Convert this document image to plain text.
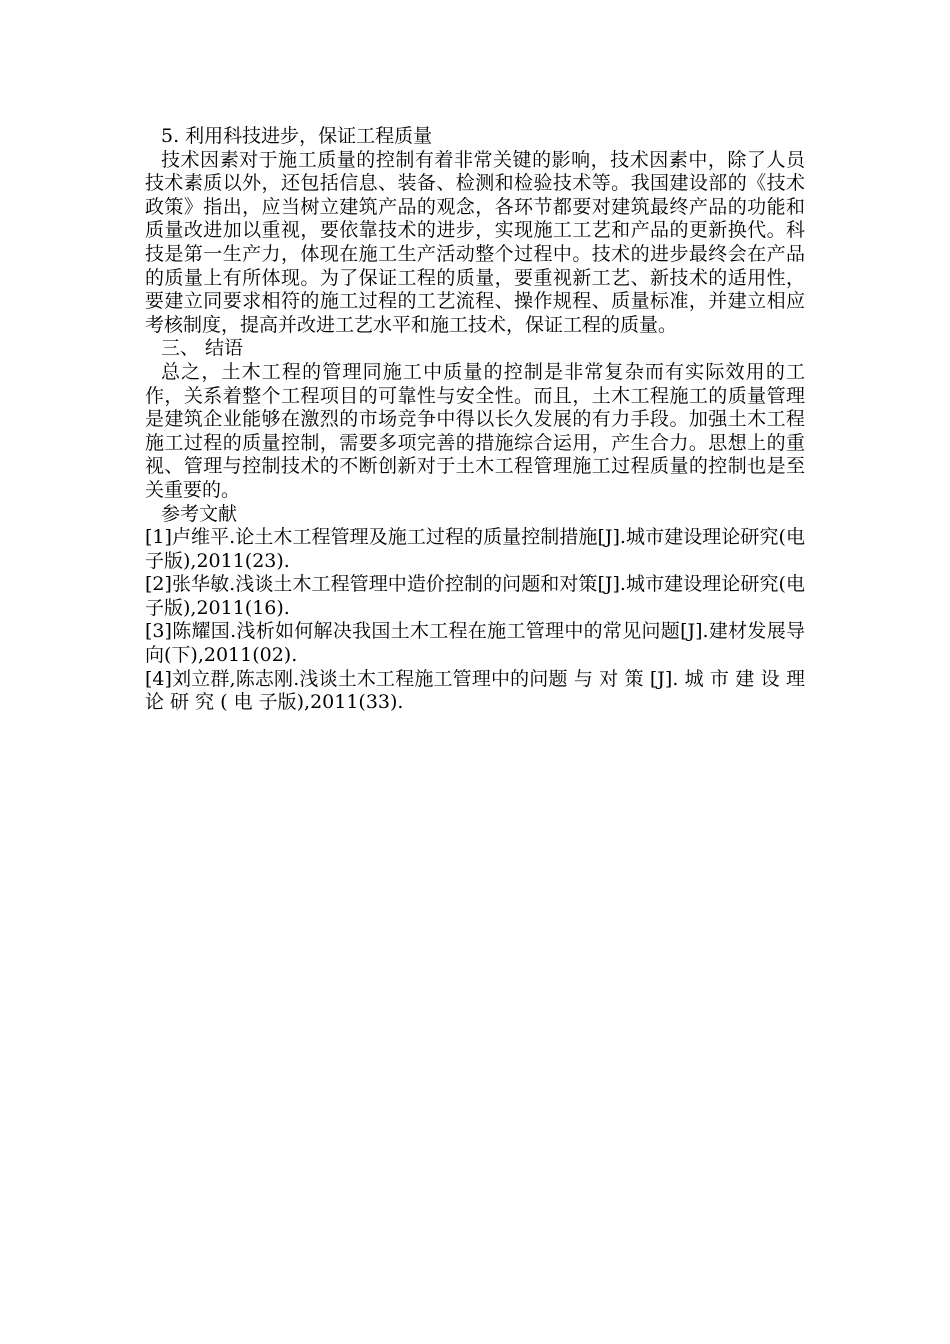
5. 利用科技进步，保证工程质量

技术因素对于施工质量的控制有着非常关键的影响，技术因素中，除了人员技术素质以外，还包括信息、装备、检测和检验技术等。我国建设部的《技术政策》指出，应当树立建筑产品的观念，各环节都要对建筑最终产品的功能和质量改进加以重视，要依靠技术的进步，实现施工工艺和产品的更新换代。科技是第一生产力，体现在施工生产活动整个过程中。技术的进步最终会在产品的质量上有所体现。为了保证工程的质量，要重视新工艺、新技术的适用性，要建立同要求相符的施工过程的工艺流程、操作规程、质量标准，并建立相应考核制度，提高并改进工艺水平和施工技术，保证工程的质量。

三、 结语

总之，土木工程的管理同施工中质量的控制是非常复杂而有实际效用的工作，关系着整个工程项目的可靠性与安全性。而且，土木工程施工的质量管理是建筑企业能够在激烈的市场竞争中得以长久发展的有力手段。加强土木工程施工过程的质量控制，需要多项完善的措施综合运用，产生合力。思想上的重视、管理与控制技术的不断创新对于土木工程管理施工过程质量的控制也是至关重要的。

参考文献

[1]卢维平.论土木工程管理及施工过程的质量控制措施[J].城市建设理论研究(电子版),2011(23).

[2]张华敏.浅谈土木工程管理中造价控制的问题和对策[J].城市建设理论研究(电子版),2011(16).

[3]陈耀国.浅析如何解决我国土木工程在施工管理中的常见问题[J].建材发展导向(下),2011(02).

[4]刘立群,陈志刚.浅谈土木工程施工管理中的问题 与 对 策 [J]. 城 市 建 设 理 论 研 究 ( 电 子版),2011(33).
